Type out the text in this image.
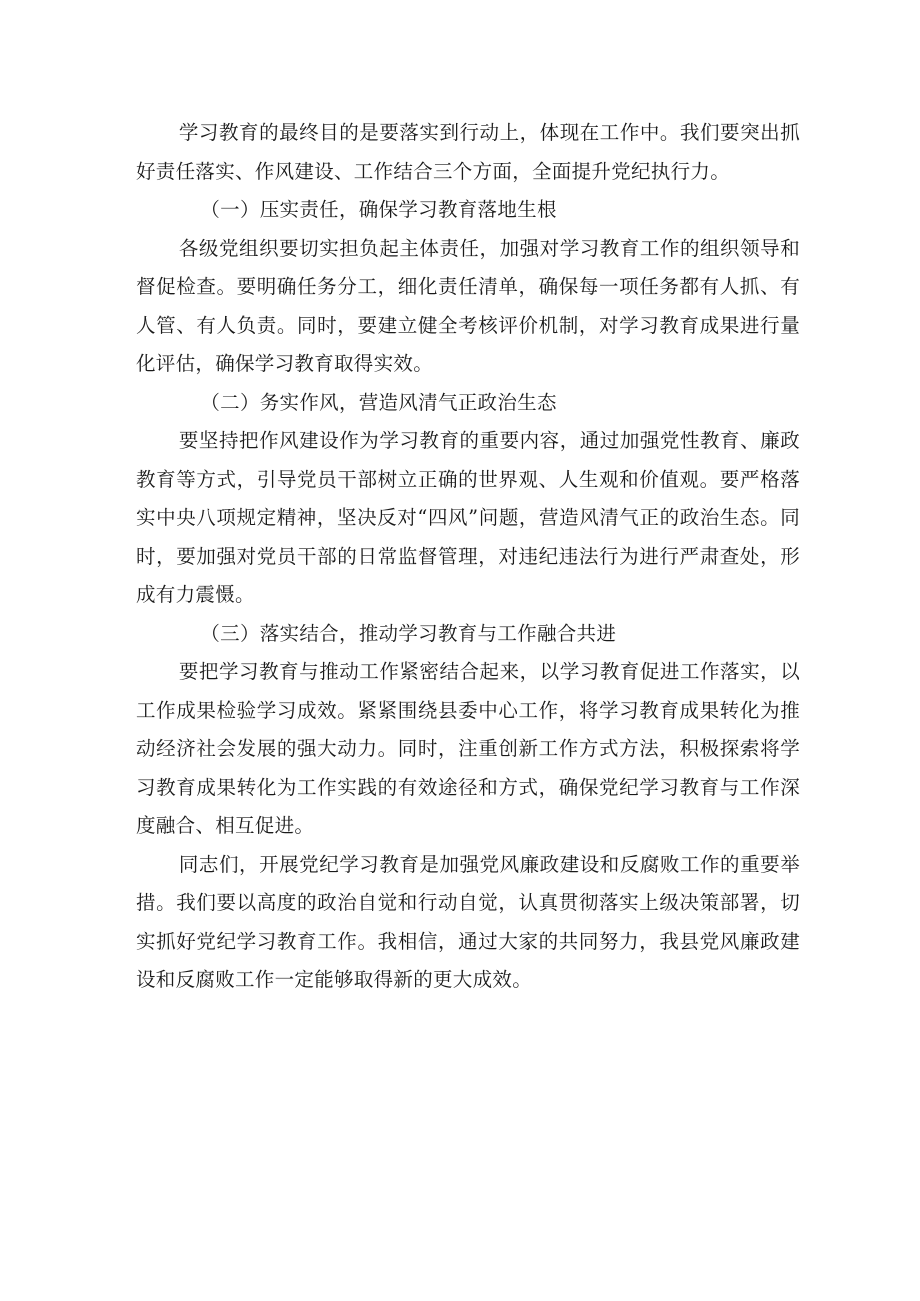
学习教育的最终目的是要落实到行动上，体现在工作中。我们要突出抓好责任落实、作风建设、工作结合三个方面，全面提升党纪执行力。

（一）压实责任，确保学习教育落地生根

各级党组织要切实担负起主体责任，加强对学习教育工作的组织领导和督促检查。要明确任务分工，细化责任清单，确保每一项任务都有人抓、有人管、有人负责。同时，要建立健全考核评价机制，对学习教育成果进行量化评估，确保学习教育取得实效。

（二）务实作风，营造风清气正政治生态

要坚持把作风建设作为学习教育的重要内容，通过加强党性教育、廉政教育等方式，引导党员干部树立正确的世界观、人生观和价值观。要严格落实中央八项规定精神，坚决反对“四风”问题，营造风清气正的政治生态。同时，要加强对党员干部的日常监督管理，对违纪违法行为进行严肃查处，形成有力震慑。

（三）落实结合，推动学习教育与工作融合共进

要把学习教育与推动工作紧密结合起来，以学习教育促进工作落实，以工作成果检验学习成效。紧紧围绕县委中心工作，将学习教育成果转化为推动经济社会发展的强大动力。同时，注重创新工作方式方法，积极探索将学习教育成果转化为工作实践的有效途径和方式，确保党纪学习教育与工作深度融合、相互促进。

同志们，开展党纪学习教育是加强党风廉政建设和反腐败工作的重要举措。我们要以高度的政治自觉和行动自觉，认真贯彻落实上级决策部署，切实抓好党纪学习教育工作。我相信，通过大家的共同努力，我县党风廉政建设和反腐败工作一定能够取得新的更大成效。
